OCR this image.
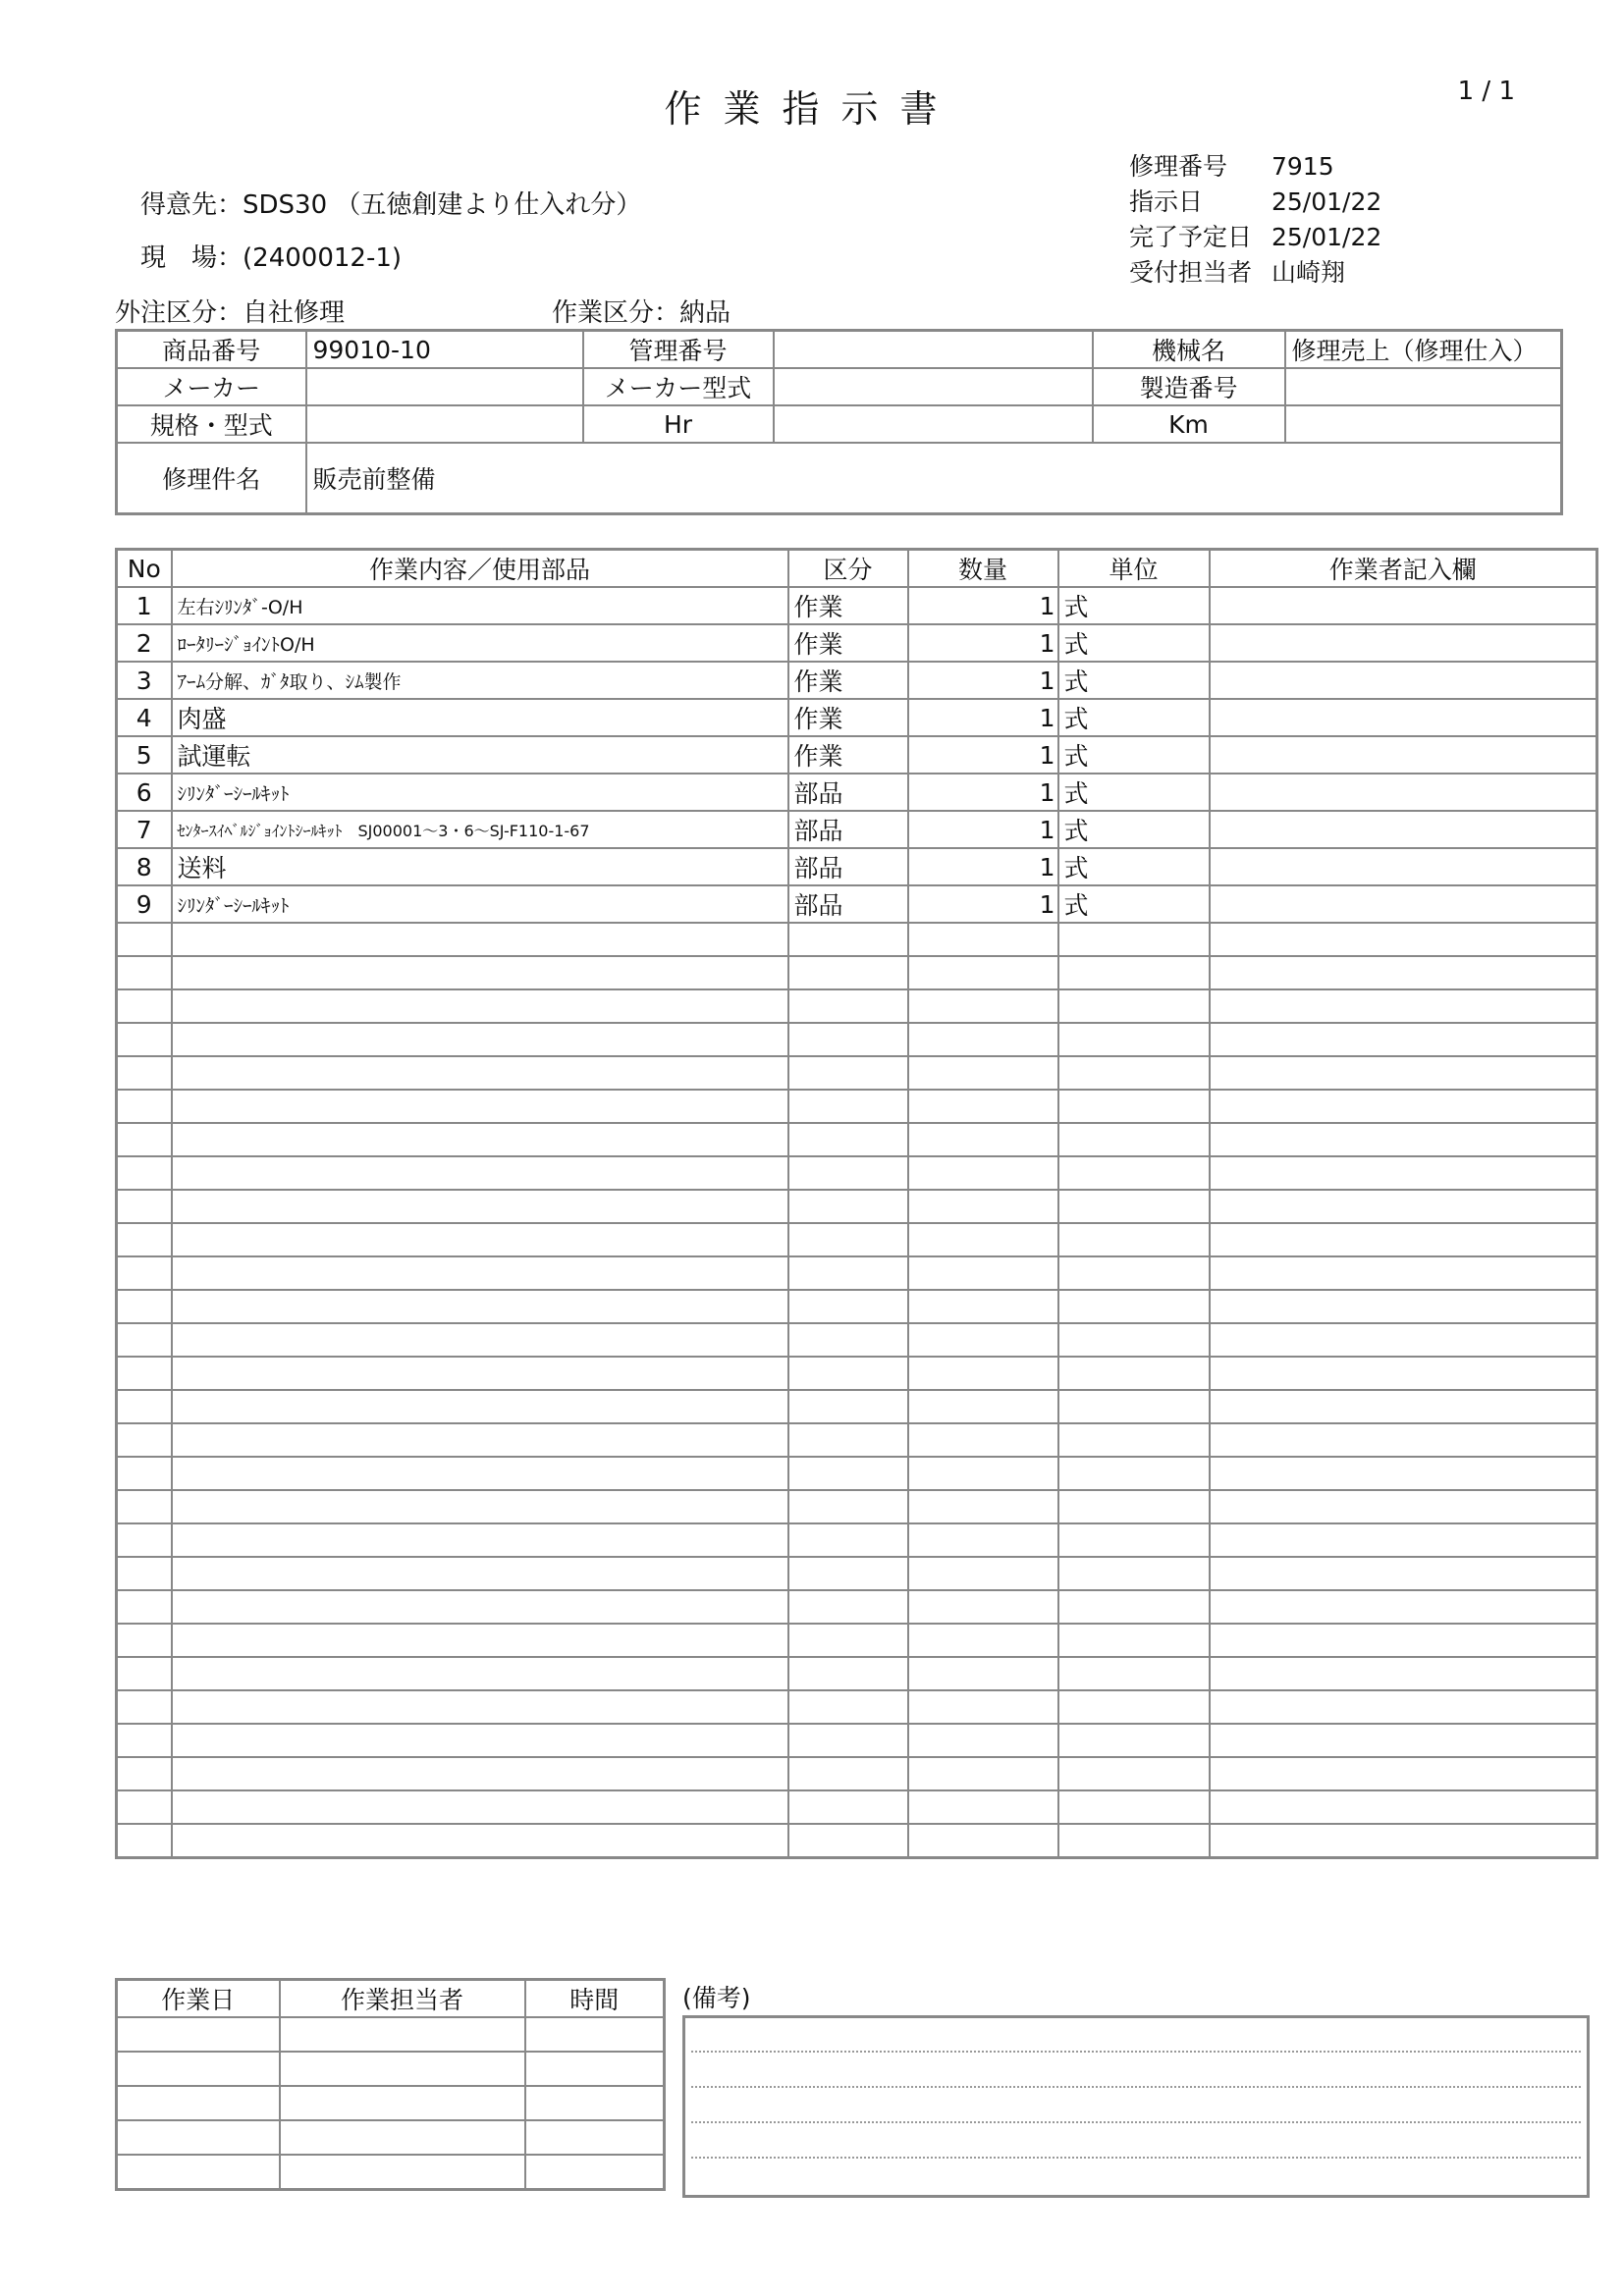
作業指示書	1 / 1
得意先：SDS30 （五徳創建より仕入れ分）
現　場：(2400012-1)
修理番号 7915
指示日	25/01/22
完了予定日 25/01/22
受付担当者 山崎翔
外注区分：自社修理	作業区分：納品
商品番号	99010-10	管理番号		機械名	修理売上（修理仕入）
メーカー		メーカー型式		製造番号	
規格・型式		Hr		Km	
修理件名	販売前整備				
No	作業内容／使用部品	区分	数量	単位	作業者記入欄
1	左右ｼﾘﾝﾀﾞ-O/H	作業	1	式	
2	ﾛｰﾀﾘｰｼﾞｮｲﾝﾄO/H	作業	1	式	
3	ｱｰﾑ分解、ｶﾞﾀ取り、ｼﾑ製作	作業	1	式	
4	肉盛	作業	1	式	
5	試運転	作業	1	式	
6	ｼﾘﾝﾀﾞｰｼｰﾙｷｯﾄ	部品	1	式	
7	ｾﾝﾀｰｽｲﾍﾞﾙｼﾞｮｲﾝﾄｼｰﾙｷｯﾄ　SJ00001～3・6～SJ-F110-1-67	部品	1	式	
8	送料	部品	1	式	
9	ｼﾘﾝﾀﾞｰｼｰﾙｷｯﾄ	部品	1	式	

作業日	作業担当者	時間

			(備考)
